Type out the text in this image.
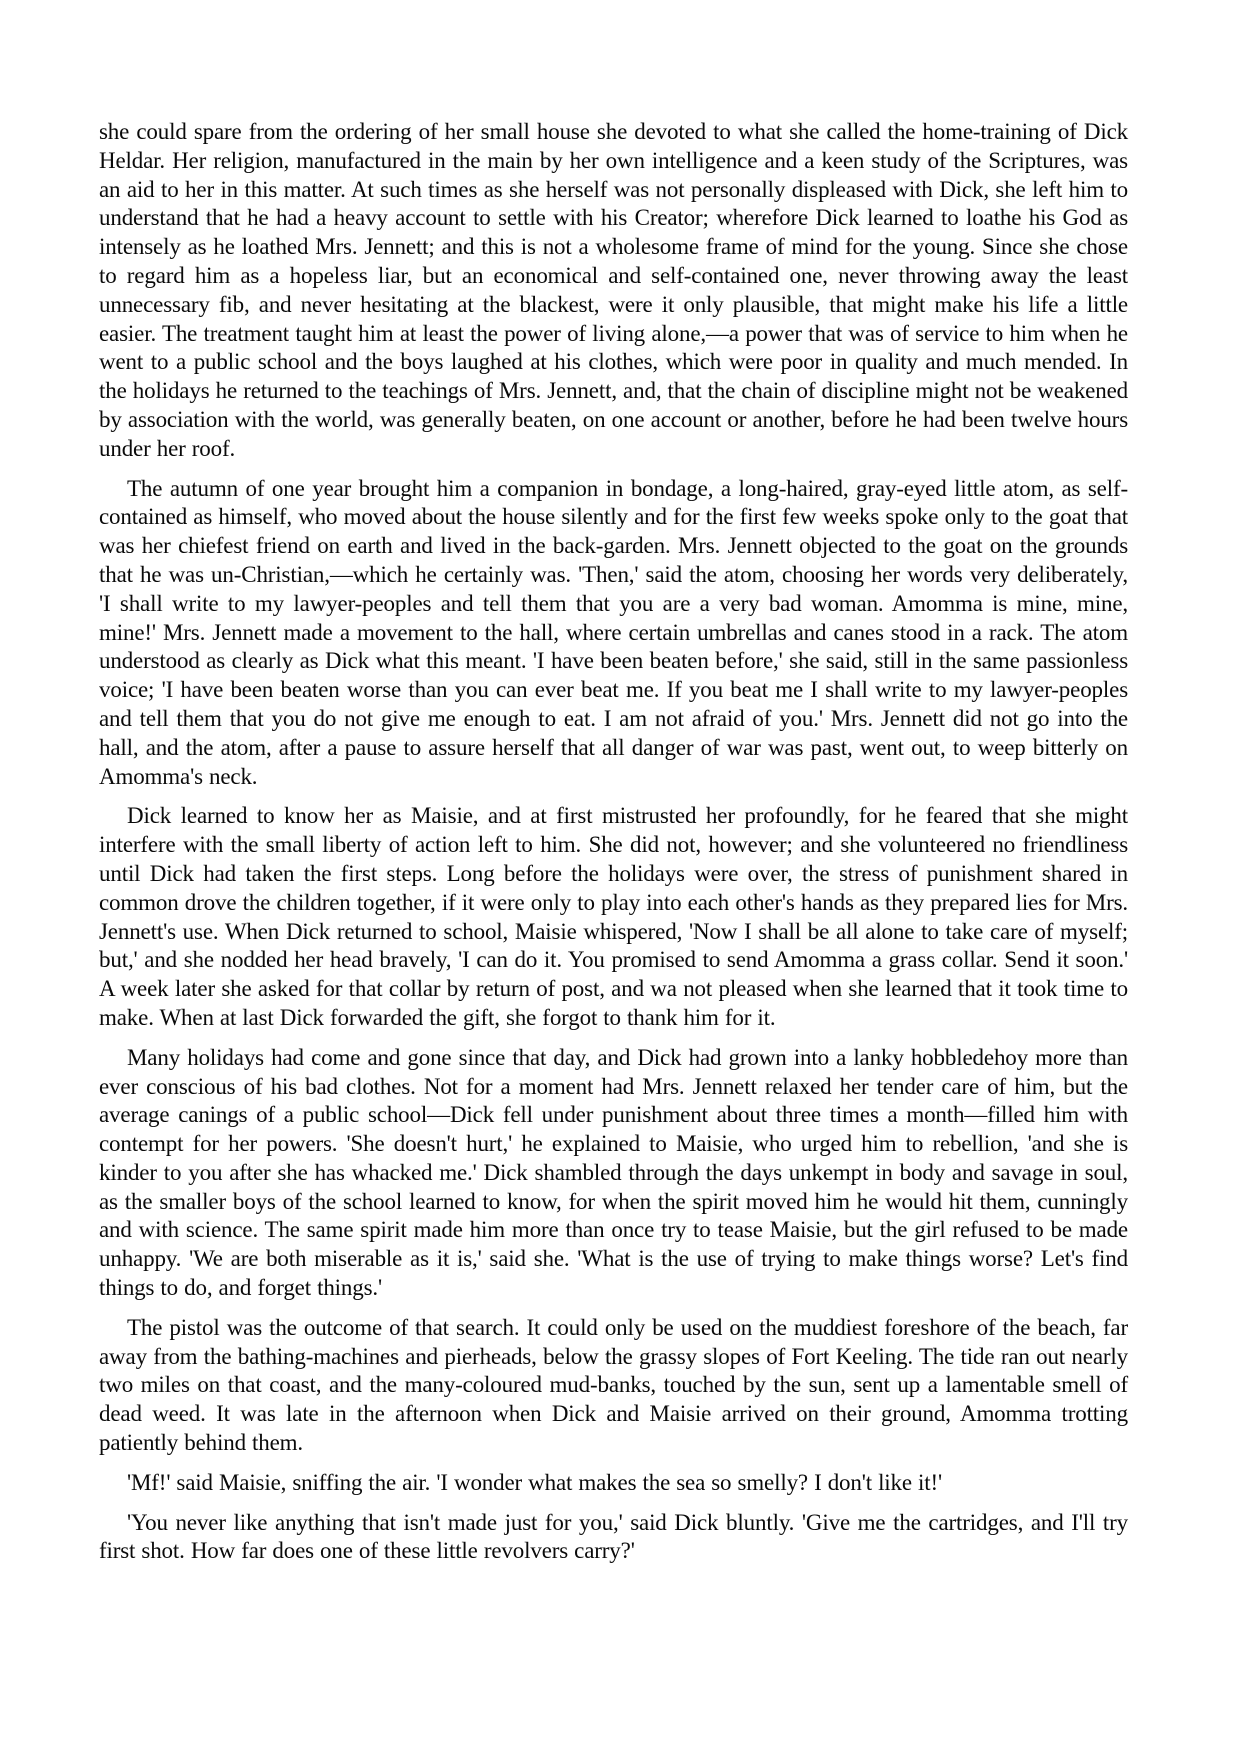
she could spare from the ordering of her small house she devoted to what she called the home-training of Dick Heldar. Her religion, manufactured in the main by her own intelligence and a keen study of the Scriptures, was an aid to her in this matter. At such times as she herself was not personally displeased with Dick, she left him to understand that he had a heavy account to settle with his Creator; wherefore Dick learned to loathe his God as intensely as he loathed Mrs. Jennett; and this is not a wholesome frame of mind for the young. Since she chose to regard him as a hopeless liar, but an economical and self-contained one, never throwing away the least unnecessary fib, and never hesitating at the blackest, were it only plausible, that might make his life a little easier. The treatment taught him at least the power of living alone,—a power that was of service to him when he went to a public school and the boys laughed at his clothes, which were poor in quality and much mended. In the holidays he returned to the teachings of Mrs. Jennett, and, that the chain of discipline might not be weakened by association with the world, was generally beaten, on one account or another, before he had been twelve hours under her roof.

The autumn of one year brought him a companion in bondage, a long-haired, gray-eyed little atom, as self-contained as himself, who moved about the house silently and for the first few weeks spoke only to the goat that was her chiefest friend on earth and lived in the back-garden. Mrs. Jennett objected to the goat on the grounds that he was un-Christian,—which he certainly was. 'Then,' said the atom, choosing her words very deliberately, 'I shall write to my lawyer-peoples and tell them that you are a very bad woman. Amomma is mine, mine, mine!' Mrs. Jennett made a movement to the hall, where certain umbrellas and canes stood in a rack. The atom understood as clearly as Dick what this meant. 'I have been beaten before,' she said, still in the same passionless voice; 'I have been beaten worse than you can ever beat me. If you beat me I shall write to my lawyer-peoples and tell them that you do not give me enough to eat. I am not afraid of you.' Mrs. Jennett did not go into the hall, and the atom, after a pause to assure herself that all danger of war was past, went out, to weep bitterly on Amomma's neck.

Dick learned to know her as Maisie, and at first mistrusted her profoundly, for he feared that she might interfere with the small liberty of action left to him. She did not, however; and she volunteered no friendliness until Dick had taken the first steps. Long before the holidays were over, the stress of punishment shared in common drove the children together, if it were only to play into each other's hands as they prepared lies for Mrs. Jennett's use. When Dick returned to school, Maisie whispered, 'Now I shall be all alone to take care of myself; but,' and she nodded her head bravely, 'I can do it. You promised to send Amomma a grass collar. Send it soon.' A week later she asked for that collar by return of post, and wa not pleased when she learned that it took time to make. When at last Dick forwarded the gift, she forgot to thank him for it.

Many holidays had come and gone since that day, and Dick had grown into a lanky hobbledehoy more than ever conscious of his bad clothes. Not for a moment had Mrs. Jennett relaxed her tender care of him, but the average canings of a public school—Dick fell under punishment about three times a month—filled him with contempt for her powers. 'She doesn't hurt,' he explained to Maisie, who urged him to rebellion, 'and she is kinder to you after she has whacked me.' Dick shambled through the days unkempt in body and savage in soul, as the smaller boys of the school learned to know, for when the spirit moved him he would hit them, cunningly and with science. The same spirit made him more than once try to tease Maisie, but the girl refused to be made unhappy. 'We are both miserable as it is,' said she. 'What is the use of trying to make things worse? Let's find things to do, and forget things.'

The pistol was the outcome of that search. It could only be used on the muddiest foreshore of the beach, far away from the bathing-machines and pierheads, below the grassy slopes of Fort Keeling. The tide ran out nearly two miles on that coast, and the many-coloured mud-banks, touched by the sun, sent up a lamentable smell of dead weed. It was late in the afternoon when Dick and Maisie arrived on their ground, Amomma trotting patiently behind them.

'Mf!' said Maisie, sniffing the air. 'I wonder what makes the sea so smelly? I don't like it!'

'You never like anything that isn't made just for you,' said Dick bluntly. 'Give me the cartridges, and I'll try first shot. How far does one of these little revolvers carry?'
